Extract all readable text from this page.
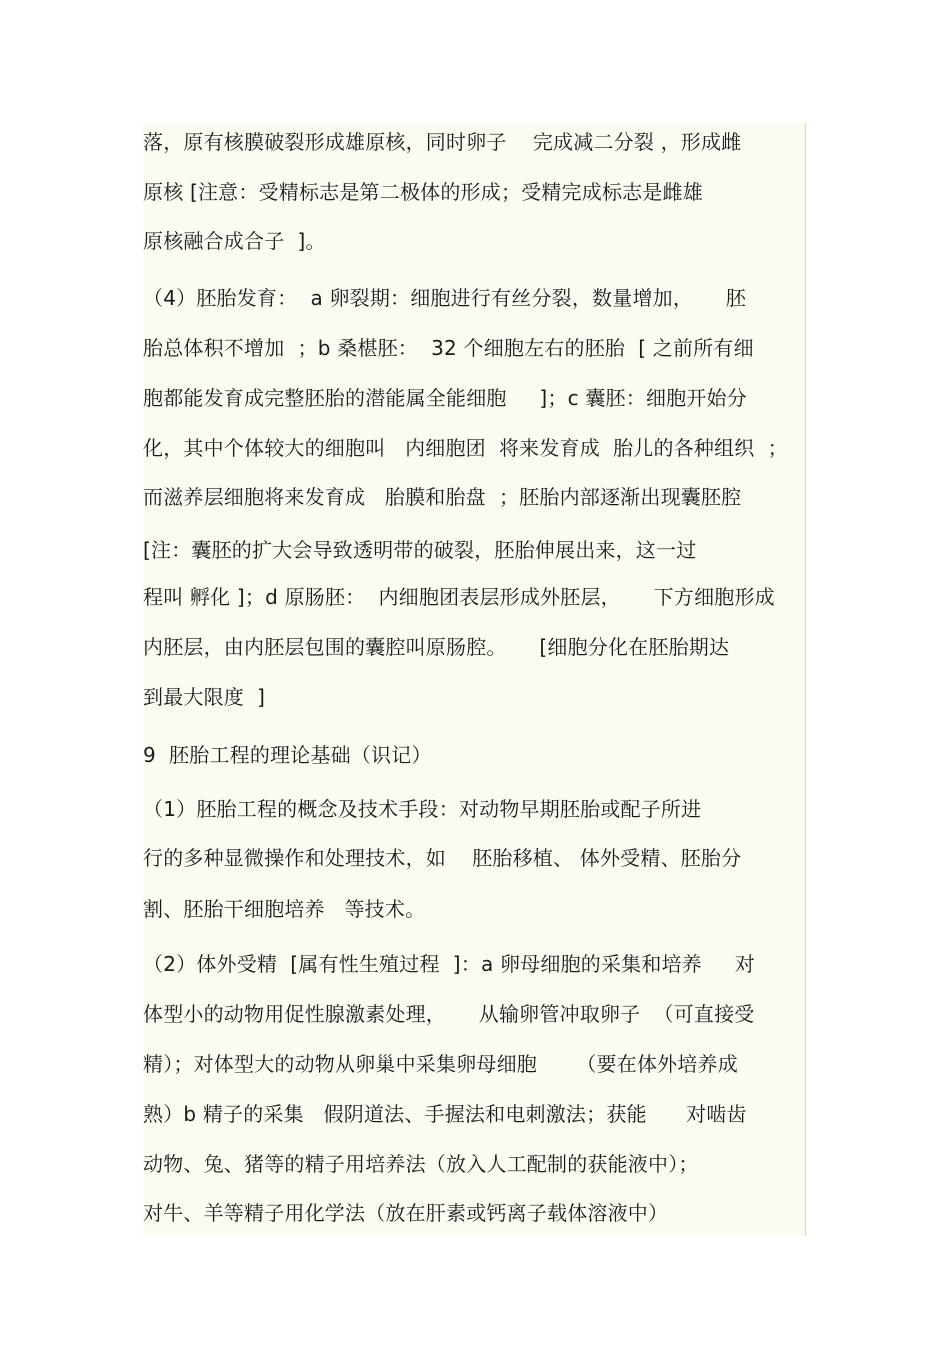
落，原有核膜破裂形成雄原核，同时卵子    完成减二分裂 ，形成雌
原核 [注意：受精标志是第二极体的形成；受精完成标志是雌雄
原核融合成合子  ]。
（4）胚胎发育：  a 卵裂期：细胞进行有丝分裂，数量增加，     胚
胎总体积不增加  ；b 桑椹胚：  32 个细胞左右的胚胎  [ 之前所有细
胞都能发育成完整胚胎的潜能属全能细胞     ]；c 囊胚：细胞开始分
化，其中个体较大的细胞叫   内细胞团  将来发育成  胎儿的各种组织  ；
而滋养层细胞将来发育成   胎膜和胎盘  ；胚胎内部逐渐出现囊胚腔
[注：囊胚的扩大会导致透明带的破裂，胚胎伸展出来，这一过
程叫 孵化 ]；d 原肠胚：  内细胞团表层形成外胚层，     下方细胞形成
内胚层，由内胚层包围的囊腔叫原肠腔。     [细胞分化在胚胎期达
到最大限度  ]
9  胚胎工程的理论基础（识记）
（1）胚胎工程的概念及技术手段：对动物早期胚胎或配子所进
行的多种显微操作和处理技术，如    胚胎移植、 体外受精、胚胎分
割、胚胎干细胞培养   等技术。
（2）体外受精  [属有性生殖过程  ]：a 卵母细胞的采集和培养     对
体型小的动物用促性腺激素处理，     从输卵管冲取卵子  （可直接受
精）；对体型大的动物从卵巢中采集卵母细胞      （要在体外培养成
熟）b 精子的采集   假阴道法、手握法和电刺激法；获能      对啮齿
动物、兔、猪等的精子用培养法（放入人工配制的获能液中）；
对牛、羊等精子用化学法（放在肝素或钙离子载体溶液中）
